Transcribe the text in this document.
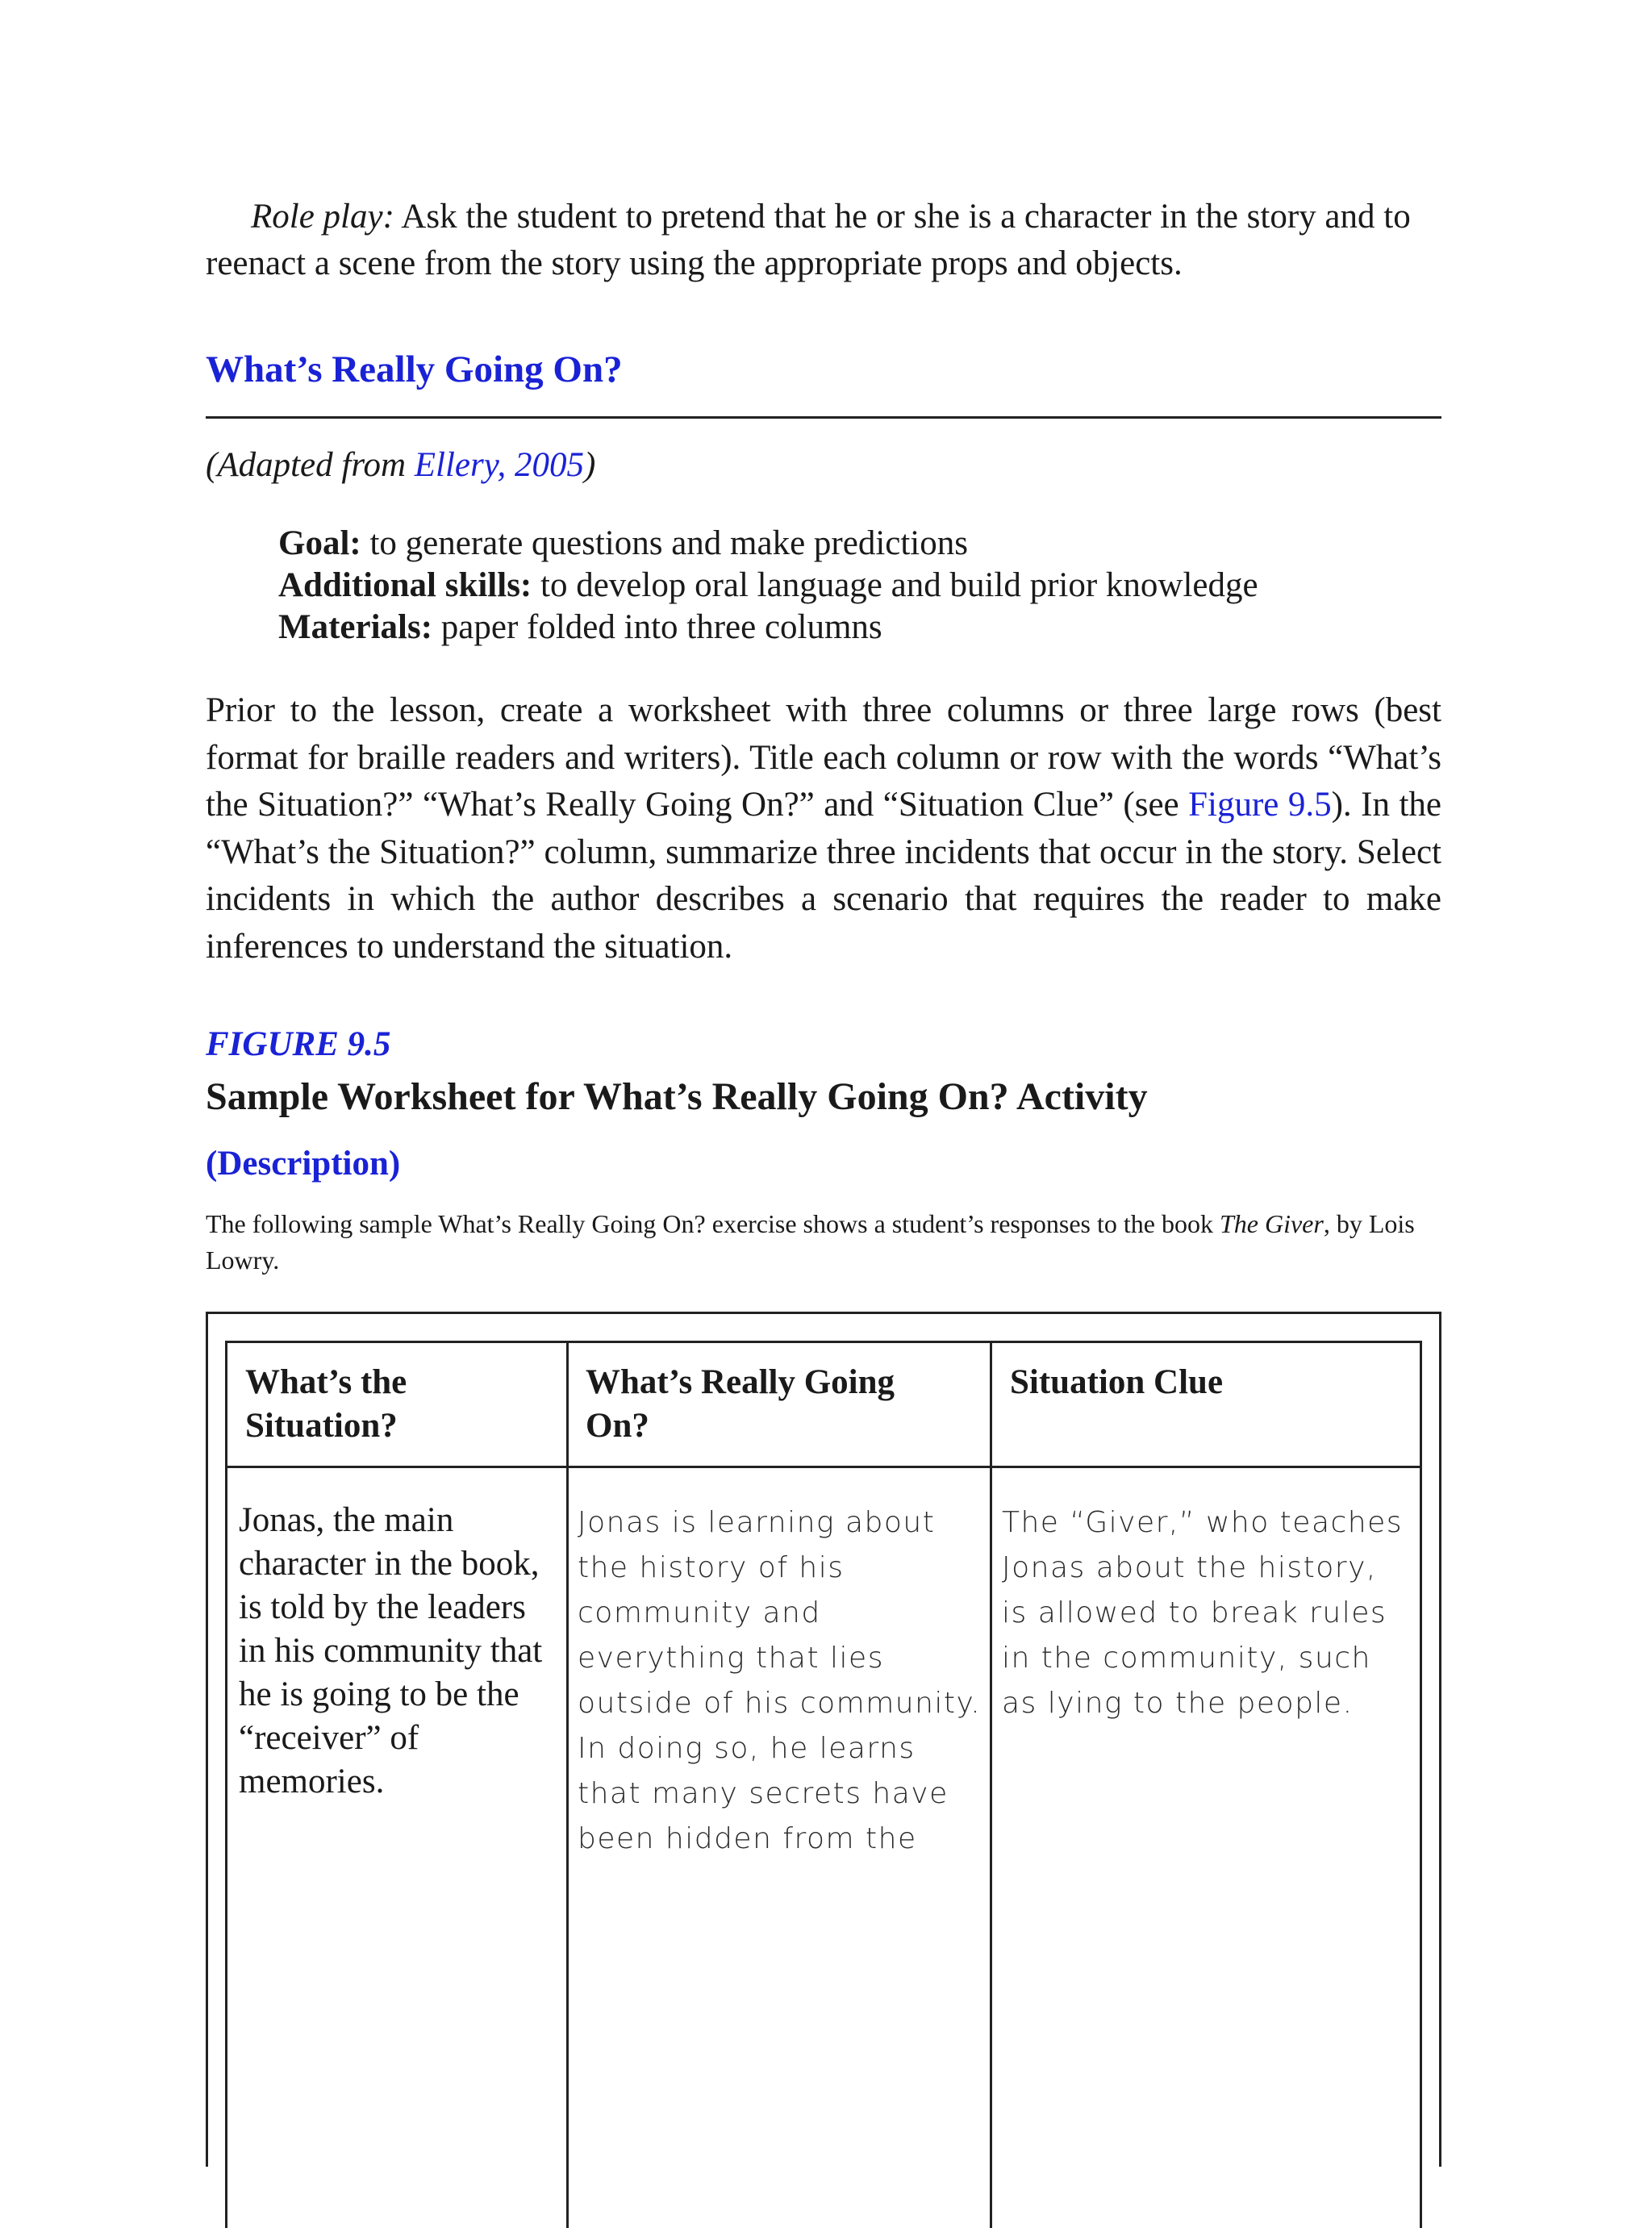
Role play: Ask the student to pretend that he or she is a character in the story and to reenact a scene from the story using the appropriate props and objects.

What’s Really Going On?

(Adapted from Ellery, 2005)

Goal: to generate questions and make predictions
Additional skills: to develop oral language and build prior knowledge
Materials: paper folded into three columns

Prior to the lesson, create a worksheet with three columns or three large rows (best format for braille readers and writers). Title each column or row with the words “What’s the Situation?” “What’s Really Going On?” and “Situation Clue” (see Figure 9.5). In the “What’s the Situation?” column, summarize three incidents that occur in the story. Select incidents in which the author describes a scenario that requires the reader to make inferences to understand the situation.

FIGURE 9.5

Sample Worksheet for What’s Really Going On? Activity

(Description)

The following sample What’s Really Going On? exercise shows a student’s responses to the book The Giver, by Lois Lowry.

What’s the
Situation?
What’s Really Going
On?
Situation Clue

Jonas, the main character in the book, is told by the leaders in his community that he is going to be the “receiver” of memories.

Jonas is learning about
the history of his
community and
everything that lies
outside of his community.
In doing so, he learns
that many secrets have
been hidden from the
The “Giver,” who teaches
Jonas about the history,
is allowed to break rules
in the community, such
as lying to the people.
